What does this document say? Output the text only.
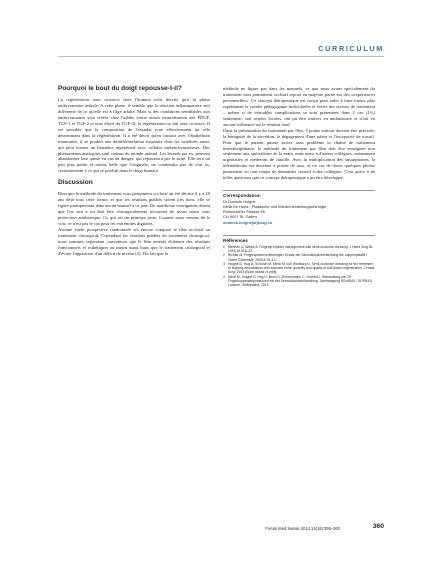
CURRICULUM

Pourquoi le bout du doigt repousse-t-il?

La régénération sans cicatrice chez l'homme n'est décrite qu'à la phase embryonnaire initiale. A cette phase, il semble que la réaction inflammatoire soit différente de ce qu'elle est à l'âge adulte. Mais si des conditions semblables aux embryonnaires sont créées chez l'adulte (entre autres neutralisation des PDGF, TGF-1 et TGF-2 et taux élevé du TGF-3), la régénération se fait sans cicatrice. Il est possible que la composition de l'exsudat joue effectivement un rôle déterminant dans la régénération. Il a été décrit qu'en contact avec l'épithélium traumatisé, il se produit une dédifférenciation tissulaire chez les vertébrés aussi, qui peut former un blastème régénératif avec cellules mésenchymateuses. Des phénomènes analogues sont connus du monde animal. Les lézards par ex. peuvent abandonner leur queue en cas de danger, qui repoussera par la suite. Elle sera un peu plus petite et moins belle que l'originale, ne contiendra pas de vrai os, contrairement à ce qui se produit dans le doigt humain.

Discussion

Bien que la méthode du traitement sous pansement occlusif ait été décrite il y a 20 ans déjà sous cette forme, et que les résultats publiés soient très bons, elle se figure pratiquement dans aucun manuel à ce jour. De nombreux enseignants disent que l'on suit à ou doit être chirurgicalement recouvert de tissus mous sous protection antibiotique. Ce qui est un principe juste. Comme nous venons de le voir, ce n'est pas le cas pour les extrémités digitales.

Aucune étude prospective randomisée n'a encore comparé le film occlusif au traitement chirurgical. Cependant les résultats publiés du traitement chirurgical, nous sommes cependant convaincus que le film permet d'obtenir des résultats fonctionnels et esthétiques au moins aussi bons que le traitement chirurgical et d'éviter l'apparition d'un déficit de niveau [2]. Du fait que la

méthode ne figure pas dans les manuels, ce que nous avons spécialement du traitement sous pansement occlusif repose en majeure partie sur des «expériences personnelles». Ce concept thérapeutique est conçu pour aider à faire mieux plus rapidement la courbe pédagogique individuelle et éviter des erreurs de traitement – même si de véritables complications se sont présentées dans 2 cas (1%) seulement, soit restées locales, ont pu être traitées en ambulatoire et n'ont eu aucune influence sur le résultat final.

Dans la présentation du traitement par film, 3 points surtout doivent être précisés: la bénignité de la sécrétion, le dégagement d'une odeur et l'incapacité de travail. Pour que le patient puisse suivre sans problème la chaîne de traitement interdisciplinaire, la méthode du traitement par film doit être enseignée non seulement aux spécialistes de la main, mais aussi à d'autres collègues, notamment urgentistes et médecins de famille. Avec la multiplication des smartphones, la télémédecine est devenue à portée de tous, et en cas de doute quelques photos permettent en tout temps de demander conseil à des collègues. C'est grâce à de telles questions que ce concept thérapeutique a pu être développé.

Correspondance:

Dr Dominik Hoigné

Klinik für Hand-, Plastische und Wiederherstellungschirurgie

Rorschacher Strasse 95

CH-9007 St. Gallen

dominik.hoigne[at]kssg.ch

Références

Mennen U, Wiese A. Fingertip injuries management with semi-occlusive dressing. J Hand Surg Br. 1993;18:416–22.
Richter M. Fingerspitzenverletzungen: Ersatz der Semiokklusivbehandlung die Lappenplastik? Obere Extremität. 2009;4:19–12.
Hoigné D, Hug U, Schürch M, Meoli M, von Wartburg U. Semi-occlusive dressing for the treatment of fingertip amputations with exposed bone: quantity and quality of soft-tissue regeneration. J Hand Surg. 2013 [Epub ahead of print].
Meoli M, Hoigné D, Hug U, Bruni S, Zimmermann C, Grünert J. Behandlung von 29 Fingerkuppenamputationen mit der Semiokklusivbehandlung. Jahrestagung SGHAND / SGPRAS, Lucerne, Switzerland, 2012.

Forum Med Suisse 2014;14(18):358–360	360
